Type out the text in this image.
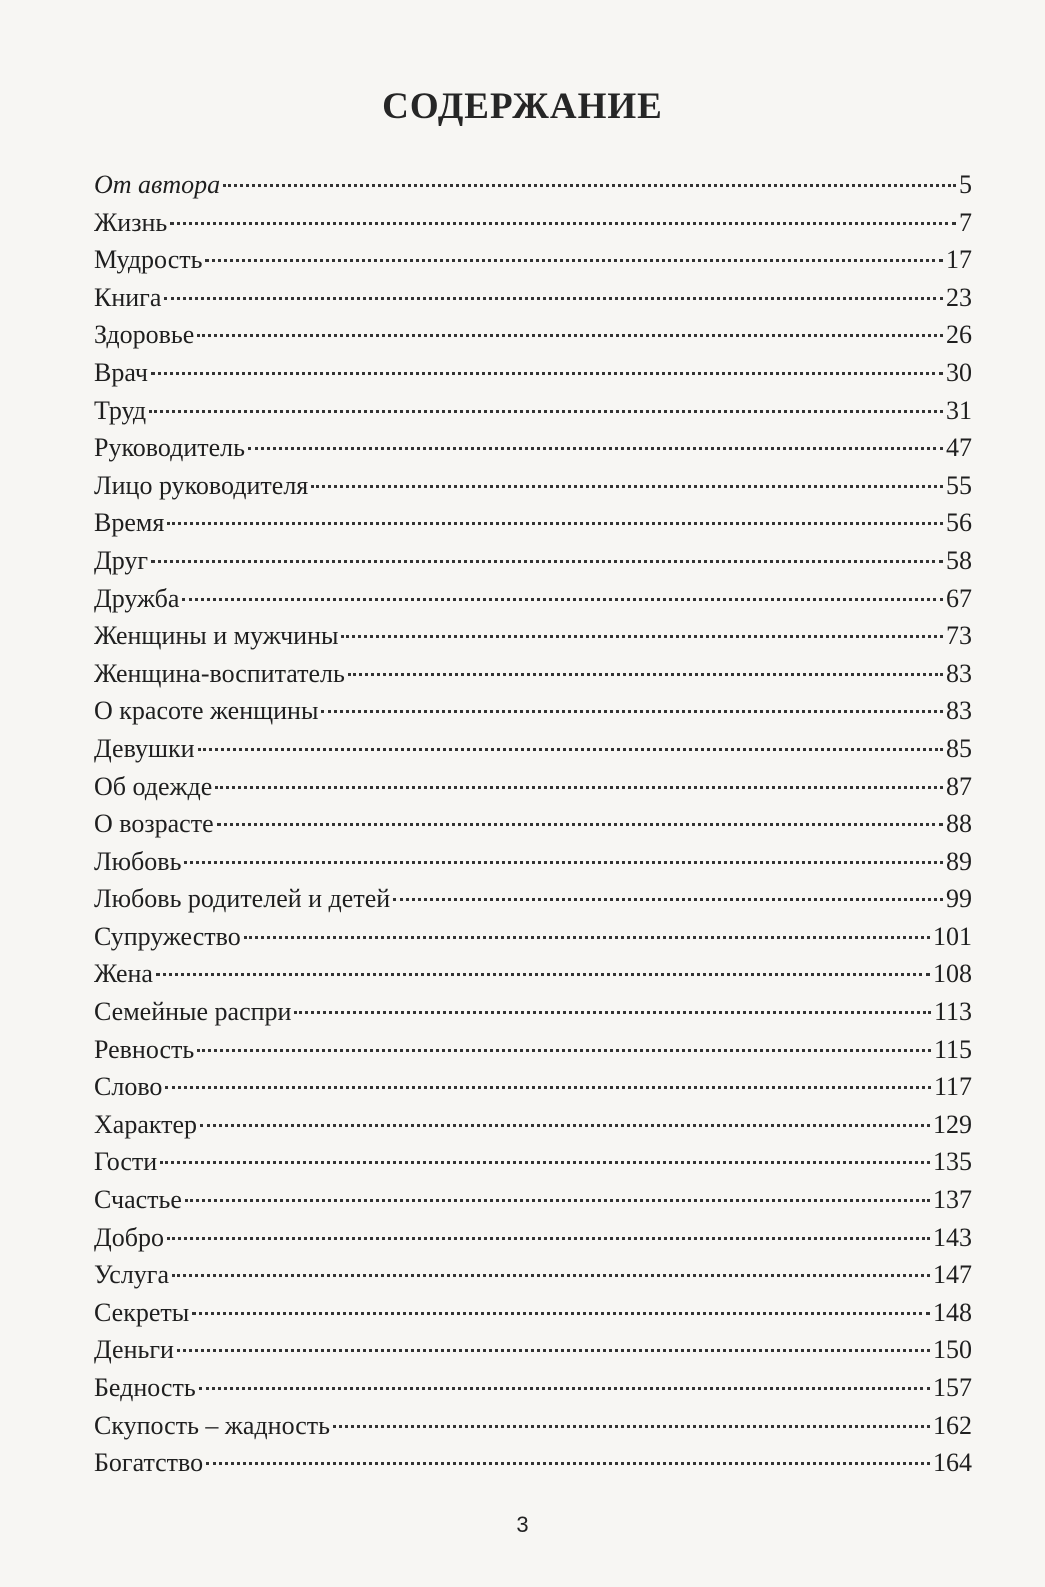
СОДЕРЖАНИЕ
От автора	5
Жизнь	7
Мудрость	17
Книга	23
Здоровье	26
Врач	30
Труд	31
Руководитель	47
Лицо руководителя	55
Время	56
Друг	58
Дружба	67
Женщины и мужчины	73
Женщина-воспитатель	83
О красоте женщины	83
Девушки	85
Об одежде	87
О возрасте	88
Любовь	89
Любовь родителей и детей	99
Супружество	101
Жена	108
Семейные распри	113
Ревность	115
Слово	117
Характер	129
Гости	135
Счастье	137
Добро	143
Услуга	147
Секреты	148
Деньги	150
Бедность	157
Скупость – жадность	162
Богатство	164
3
